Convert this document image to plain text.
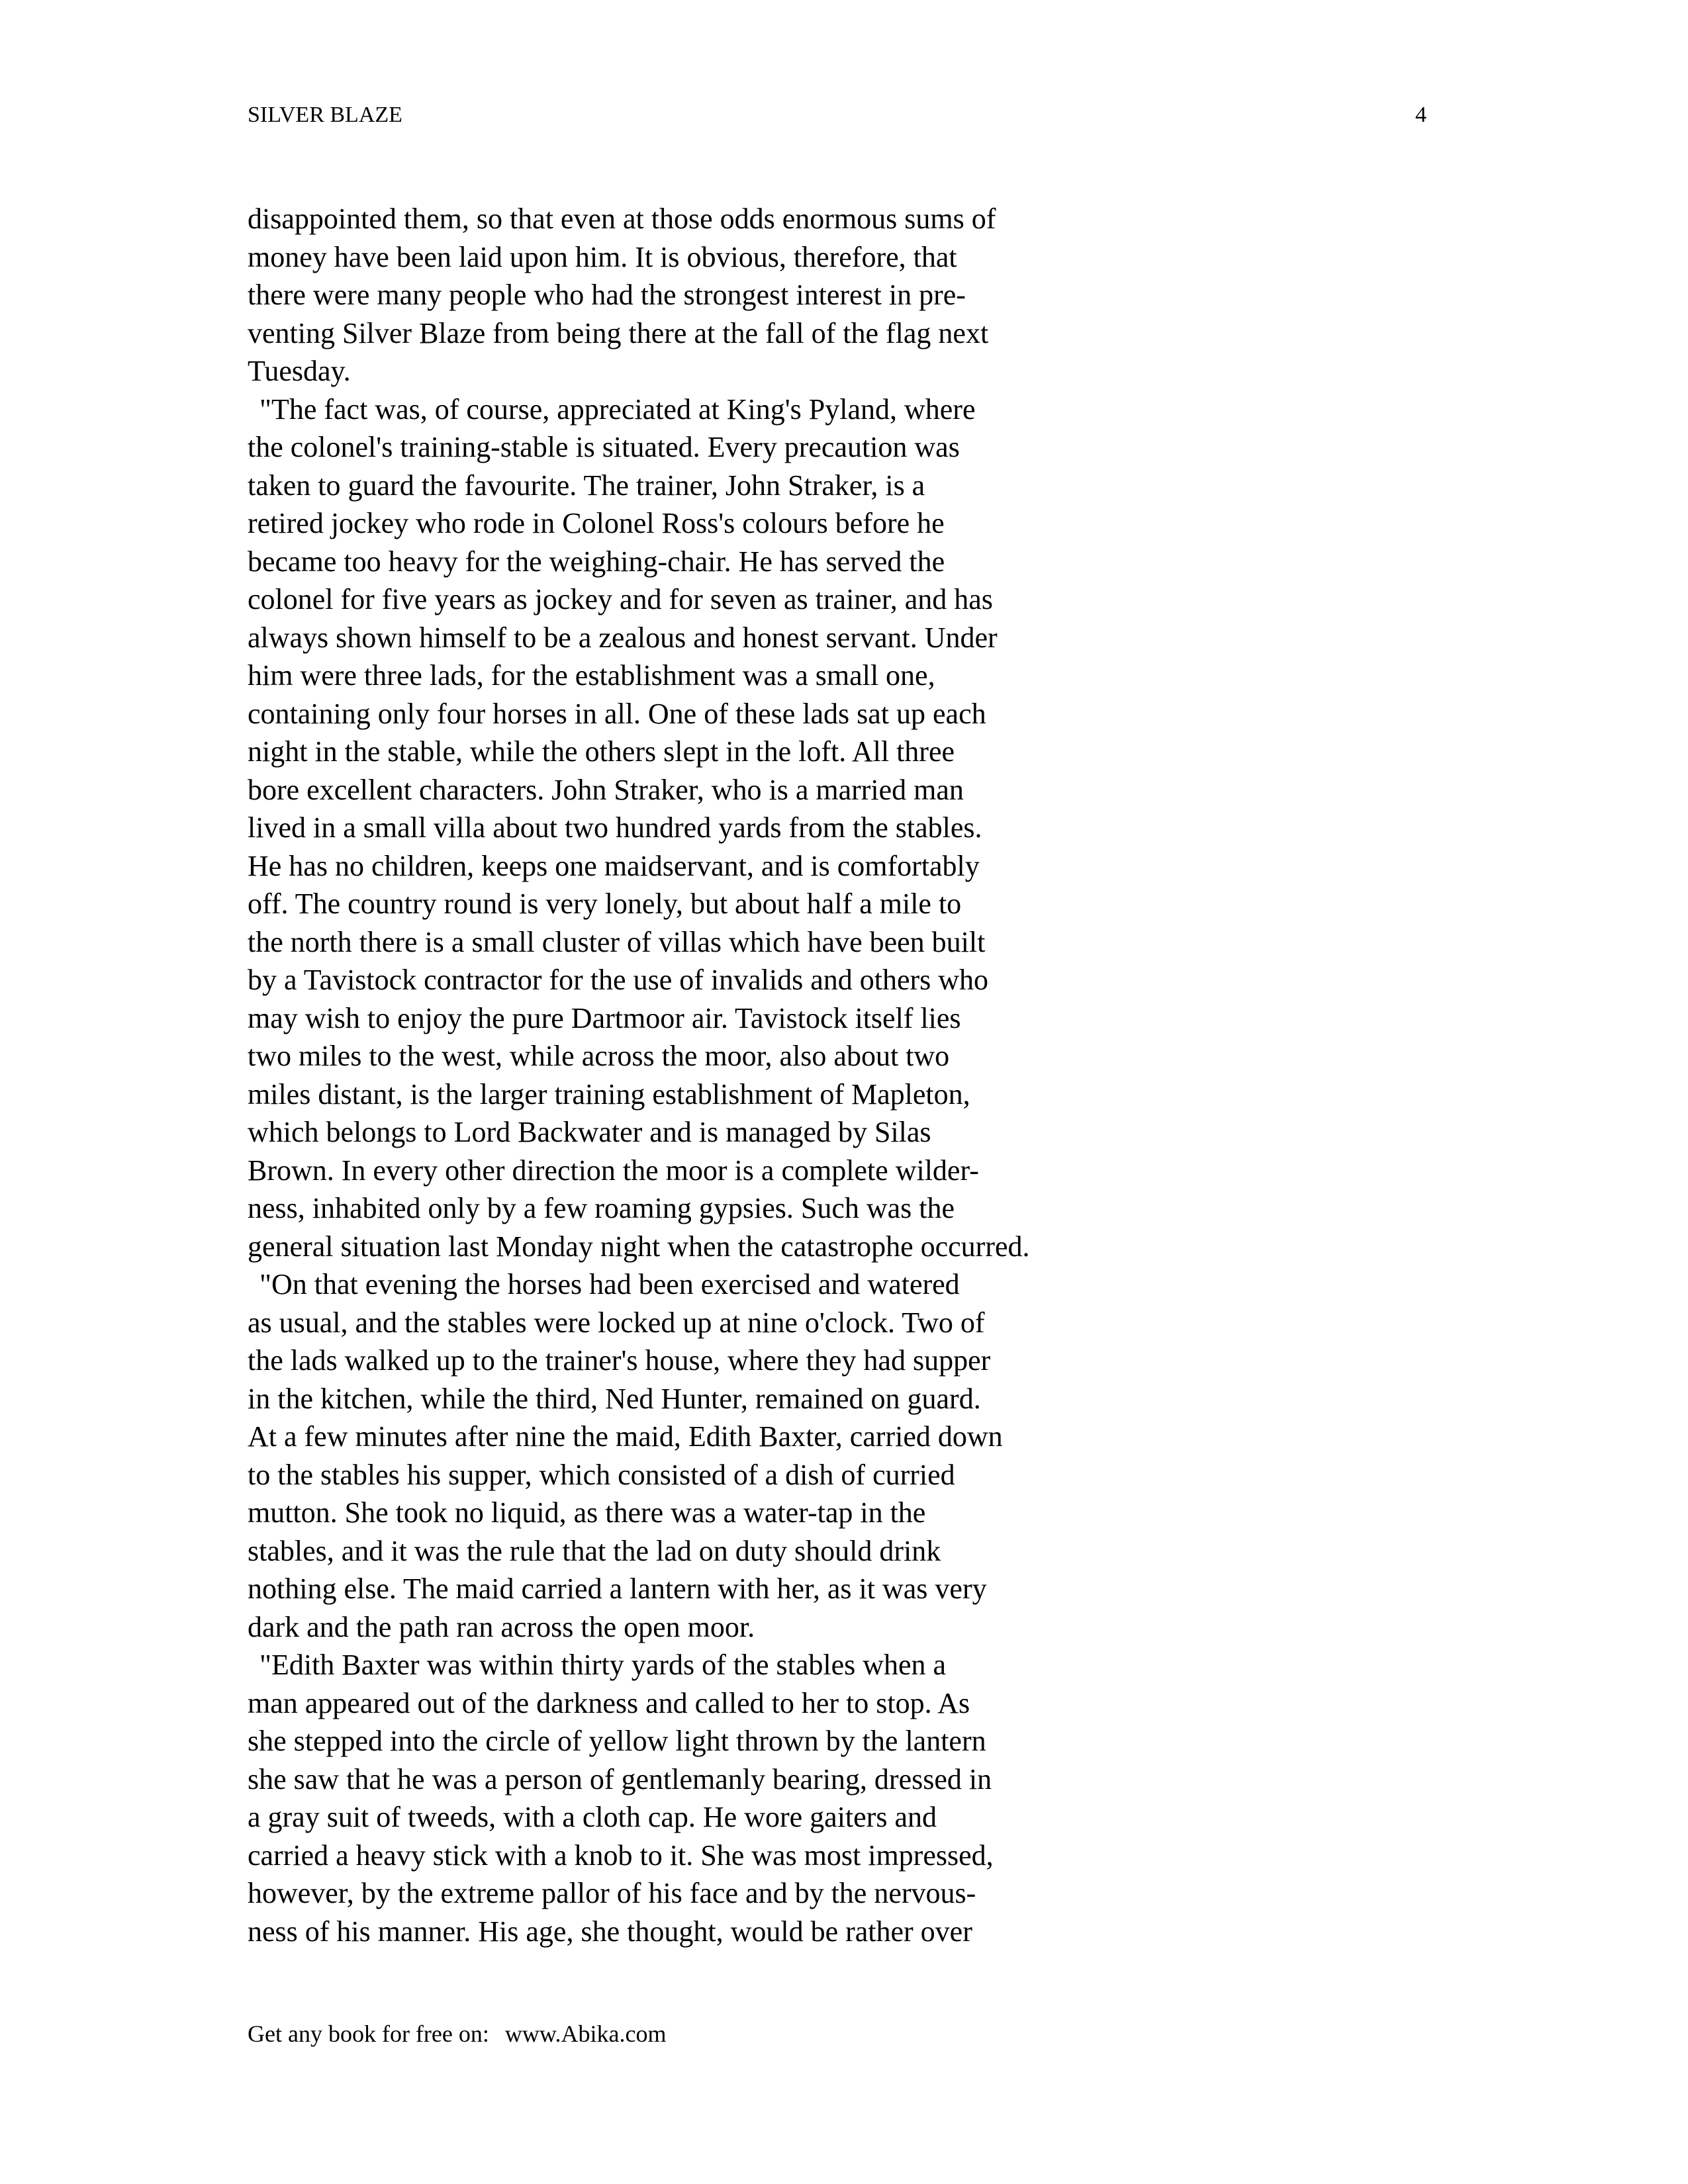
SILVER BLAZE	4
disappointed them, so that even at those odds enormous sums of
money have been laid upon him. It is obvious, therefore, that
there were many people who had the strongest interest in pre-
venting Silver Blaze from being there at the fall of the flag next
Tuesday.
"The fact was, of course, appreciated at King's Pyland, where
the colonel's training-stable is situated. Every precaution was
taken to guard the favourite. The trainer, John Straker, is a
retired jockey who rode in Colonel Ross's colours before he
became too heavy for the weighing-chair. He has served the
colonel for five years as jockey and for seven as trainer, and has
always shown himself to be a zealous and honest servant. Under
him were three lads, for the establishment was a small one,
containing only four horses in all. One of these lads sat up each
night in the stable, while the others slept in the loft. All three
bore excellent characters. John Straker, who is a married man
lived in a small villa about two hundred yards from the stables.
He has no children, keeps one maidservant, and is comfortably
off. The country round is very lonely, but about half a mile to
the north there is a small cluster of villas which have been built
by a Tavistock contractor for the use of invalids and others who
may wish to enjoy the pure Dartmoor air. Tavistock itself lies
two miles to the west, while across the moor, also about two
miles distant, is the larger training establishment of Mapleton,
which belongs to Lord Backwater and is managed by Silas
Brown. In every other direction the moor is a complete wilder-
ness, inhabited only by a few roaming gypsies. Such was the
general situation last Monday night when the catastrophe occurred.
"On that evening the horses had been exercised and watered
as usual, and the stables were locked up at nine o'clock. Two of
the lads walked up to the trainer's house, where they had supper
in the kitchen, while the third, Ned Hunter, remained on guard.
At a few minutes after nine the maid, Edith Baxter, carried down
to the stables his supper, which consisted of a dish of curried
mutton. She took no liquid, as there was a water-tap in the
stables, and it was the rule that the lad on duty should drink
nothing else. The maid carried a lantern with her, as it was very
dark and the path ran across the open moor.
"Edith Baxter was within thirty yards of the stables when a
man appeared out of the darkness and called to her to stop. As
she stepped into the circle of yellow light thrown by the lantern
she saw that he was a person of gentlemanly bearing, dressed in
a gray suit of tweeds, with a cloth cap. He wore gaiters and
carried a heavy stick with a knob to it. She was most impressed,
however, by the extreme pallor of his face and by the nervous-
ness of his manner. His age, she thought, would be rather over
Get any book for free on: www.Abika.com
